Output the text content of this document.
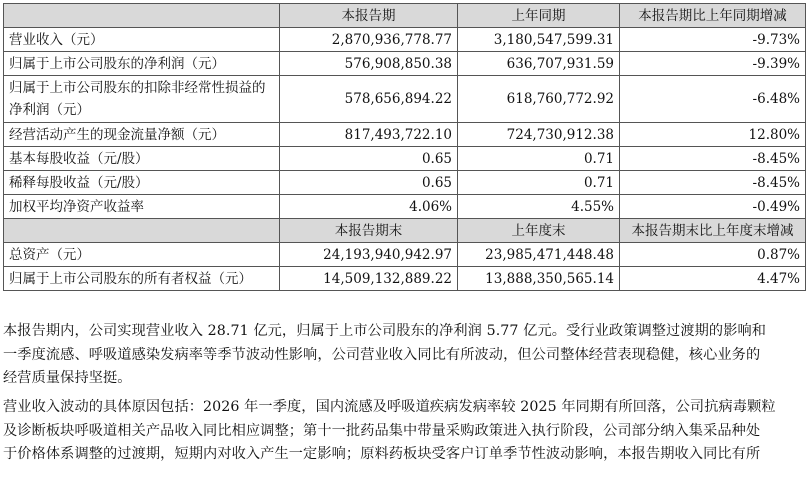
	本报告期	上年同期	本报告期比上年同期增减
营业收入（元）	2,870,936,778.77	3,180,547,599.31	-9.73%
归属于上市公司股东的净利润（元）	576,908,850.38	636,707,931.59	-9.39%
归属于上市公司股东的扣除非经常性损益的净利润（元）	578,656,894.22	618,760,772.92	-6.48%
经营活动产生的现金流量净额（元）	817,493,722.10	724,730,912.38	12.80%
基本每股收益（元/股）	0.65	0.71	-8.45%
稀释每股收益（元/股）	0.65	0.71	-8.45%
加权平均净资产收益率	4.06%	4.55%	-0.49%
	本报告期末	上年度末	本报告期末比上年度末增减
总资产（元）	24,193,940,942.97	23,985,471,448.48	0.87%
归属于上市公司股东的所有者权益（元）	14,509,132,889.22	13,888,350,565.14	4.47%
本报告期内，公司实现营业收入 28.71 亿元，归属于上市公司股东的净利润 5.77 亿元。受行业政策调整过渡期的影响和
一季度流感、呼吸道感染发病率等季节波动性影响，公司营业收入同比有所波动，但公司整体经营表现稳健，核心业务的
经营质量保持坚挺。
营业收入波动的具体原因包括：2026 年一季度，国内流感及呼吸道疾病发病率较 2025 年同期有所回落，公司抗病毒颗粒
及诊断板块呼吸道相关产品收入同比相应调整；第十一批药品集中带量采购政策进入执行阶段，公司部分纳入集采品种处
于价格体系调整的过渡期，短期内对收入产生一定影响；原料药板块受客户订单季节性波动影响，本报告期收入同比有所
